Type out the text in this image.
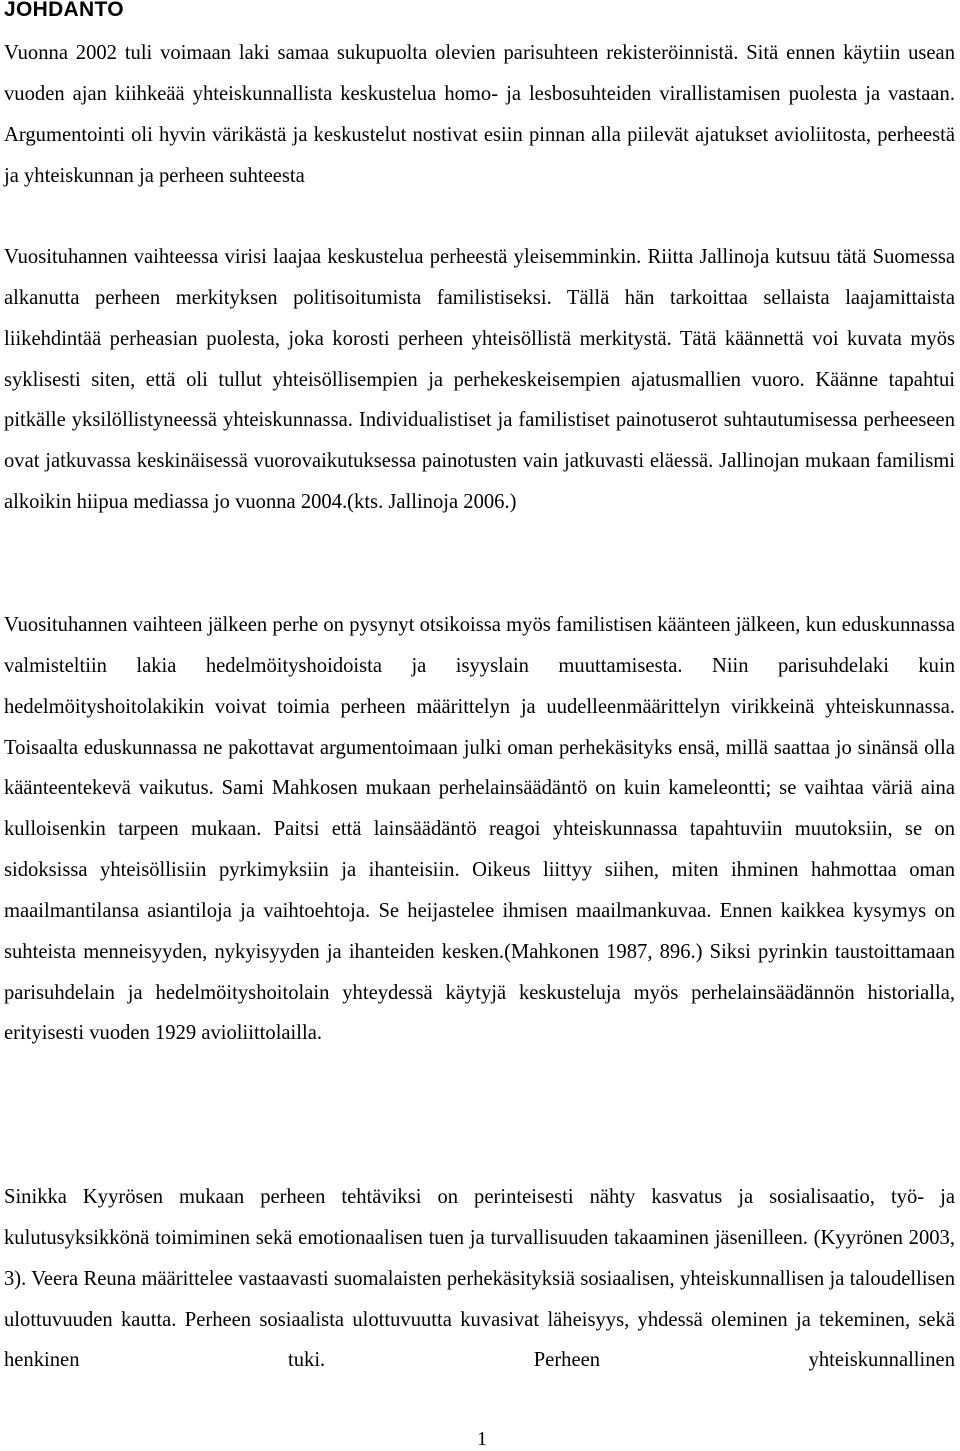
JOHDANTO

Vuonna 2002 tuli voimaan laki samaa sukupuolta olevien parisuhteen rekisteröinnistä. Sitä ennen käytiin usean vuoden ajan kiihkeää yhteiskunnallista keskustelua homo- ja lesbosuhteiden virallistamisen puolesta ja vastaan. Argumentointi oli hyvin värikästä ja keskustelut nostivat esiin pinnan alla piilevät ajatukset avioliitosta, perheestä ja yhteiskunnan ja perheen suhteesta

Vuosituhannen vaihteessa virisi laajaa keskustelua perheestä yleisemminkin. Riitta Jallinoja kutsuu tätä Suomessa alkanutta perheen merkityksen politisoitumista familistiseksi. Tällä hän tarkoittaa sellaista laajamittaista liikehdintää perheasian puolesta, joka korosti perheen yhteisöllistä merkitystä. Tätä käännettä voi kuvata myös syklisesti siten, että oli tullut yhteisöllisempien ja perhekeskeisempien ajatusmallien vuoro. Käänne tapahtui pitkälle yksilöllistyneessä yhteiskunnassa. Individualistiset ja familistiset painotuserot suhtautumisessa perheeseen ovat jatkuvassa keskinäisessä vuorovaikutuksessa painotusten vain jatkuvasti eläessä. Jallinojan mukaan familismi alkoikin hiipua mediassa jo vuonna 2004.(kts. Jallinoja 2006.)

Vuosituhannen vaihteen jälkeen perhe on pysynyt otsikoissa myös familistisen käänteen jälkeen, kun eduskunnassa valmisteltiin lakia hedelmöityshoidoista ja isyyslain muuttamisesta. Niin parisuhdelaki kuin hedelmöityshoitolakikin voivat toimia perheen määrittelyn ja uudelleenmäärittelyn virikkeinä yhteiskunnassa. Toisaalta eduskunnassa ne pakottavat argumentoimaan julki oman perhekäsityks ensä, millä saattaa jo sinänsä olla käänteentekevä vaikutus. Sami Mahkosen mukaan perhelainsäädäntö on kuin kameleontti; se vaihtaa väriä aina kulloisenkin tarpeen mukaan. Paitsi että lainsäädäntö reagoi yhteiskunnassa tapahtuviin muutoksiin, se on sidoksissa yhteisöllisiin pyrkimyksiin ja ihanteisiin. Oikeus liittyy siihen, miten ihminen hahmottaa oman maailmantilansa asiantiloja ja vaihtoehtoja. Se heijastelee ihmisen maailmankuvaa. Ennen kaikkea kysymys on suhteista menneisyyden, nykyisyyden ja ihanteiden kesken.(Mahkonen 1987, 896.) Siksi pyrinkin taustoittamaan parisuhdelain ja hedelmöityshoitolain yhteydessä käytyjä keskusteluja myös perhelainsäädännön historialla, erityisesti vuoden 1929 avioliittolailla.

Sinikka Kyyrösen mukaan perheen tehtäviksi on perinteisesti nähty kasvatus ja sosialisaatio, työ- ja kulutusyksikkönä toimiminen sekä emotionaalisen tuen ja turvallisuuden takaaminen jäsenilleen. (Kyyrönen 2003, 3). Veera Reuna määrittelee vastaavasti suomalaisten perhekäsityksiä sosiaalisen, yhteiskunnallisen ja taloudellisen ulottuvuuden kautta. Perheen sosiaalista ulottuvuutta kuvasivat läheisyys, yhdessä oleminen ja tekeminen, sekä henkinen tuki. Perheen yhteiskunnallinen

1
